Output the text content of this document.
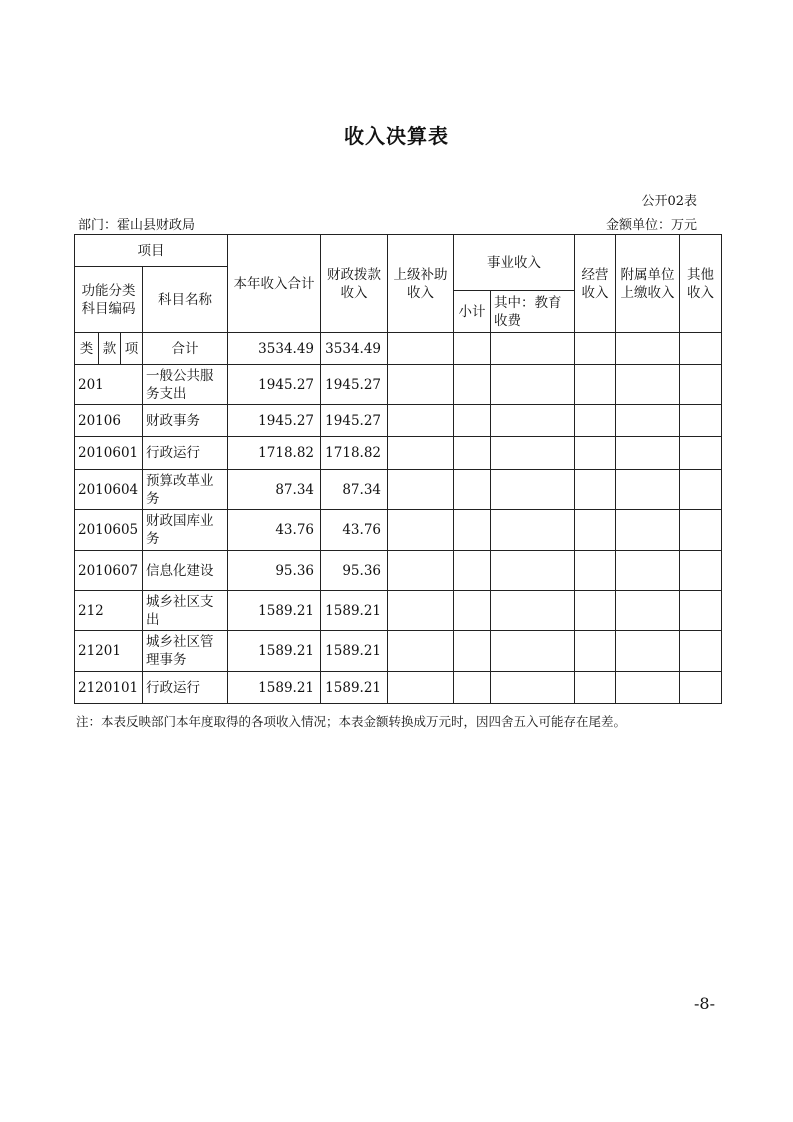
收入决算表
公开02表
部门：霍山县财政局	金额单位：万元
项目				本年收入合计	财政拨款收入	上级补助收入	事业收入		经营收入	附属单位上缴收入	其他收入
功能分类科目编码			科目名称								
							小计	其中：教育收费			
类	款	项	合计	3534.49	3534.49						
201			一般公共服务支出	1945.27	1945.27						
20106			财政事务	1945.27	1945.27						
2010601			行政运行	1718.82	1718.82						
2010604			预算改革业务	87.34	87.34						
2010605			财政国库业务	43.76	43.76						
2010607			信息化建设	95.36	95.36						
212			城乡社区支出	1589.21	1589.21						
21201			城乡社区管理事务	1589.21	1589.21						
2120101			行政运行	1589.21	1589.21						
注：本表反映部门本年度取得的各项收入情况；本表金额转换成万元时，因四舍五入可能存在尾差。
-8-
